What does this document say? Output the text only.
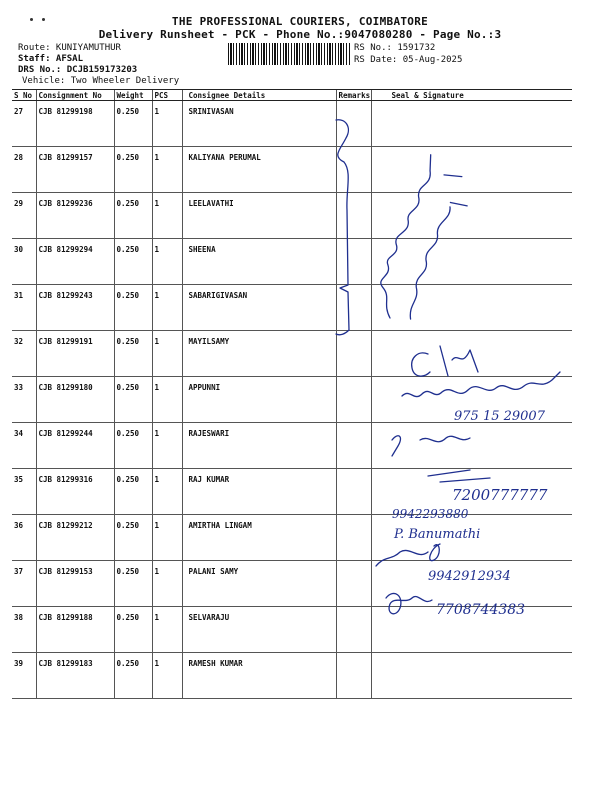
THE PROFESSIONAL COURIERS, COIMBATORE
Delivery Runsheet - PCK - Phone No.:9047080280 - Page No.:3
Route: KUNIYAMUTHUR
Staff: AFSAL
DRS No.: DCJB159173203
Vehicle: Two Wheeler Delivery
RS No.: 1591732
RS Date: 05-Aug-2025
S No	Consignment No	Weight	PCS	Consignee Details	Remarks	Seal & Signature
27	CJB 81299198	0.250	1	SRINIVASAN		
28	CJB 81299157	0.250	1	KALIYANA PERUMAL		
29	CJB 81299236	0.250	1	LEELAVATHI		
30	CJB 81299294	0.250	1	SHEENA		
31	CJB 81299243	0.250	1	SABARIGIVASAN		
32	CJB 81299191	0.250	1	MAYILSAMY		
33	CJB 81299180	0.250	1	APPUNNI		
34	CJB 81299244	0.250	1	RAJESWARI		
35	CJB 81299316	0.250	1	RAJ KUMAR		
36	CJB 81299212	0.250	1	AMIRTHA LINGAM		
37	CJB 81299153	0.250	1	PALANI SAMY		
38	CJB 81299188	0.250	1	SELVARAJU		
39	CJB 81299183	0.250	1	RAMESH KUMAR		
975 15 29007
7200777777
9942293880
P. Banumathi
9942912934
7708744383
